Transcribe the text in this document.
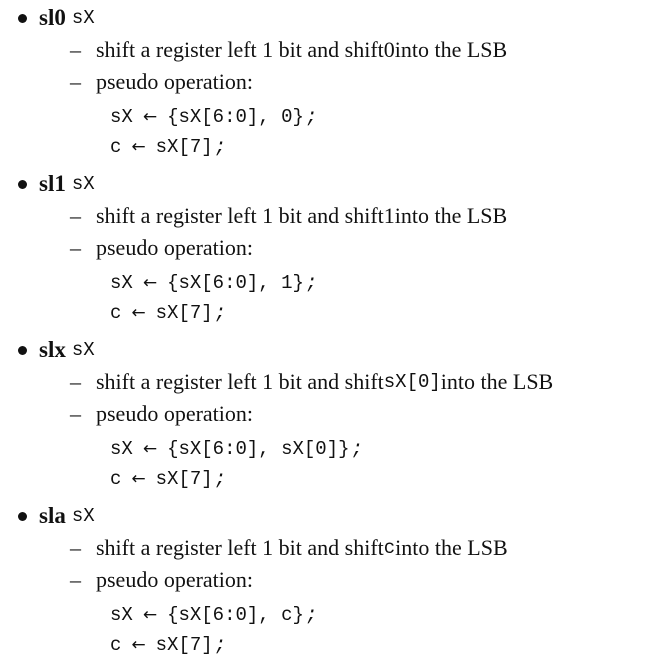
sl0 sX
– shift a register left 1 bit and shift 0 into the LSB
– pseudo operation:
sX ← {sX[6:0], 0} ;
c ← sX[7] ;
sl1 sX
– shift a register left 1 bit and shift 1 into the LSB
– pseudo operation:
sX ← {sX[6:0], 1} ;
c ← sX[7] ;
slx sX
– shift a register left 1 bit and shift sX[0] into the LSB
– pseudo operation:
sX ← {sX[6:0], sX[0]} ;
c ← sX[7] ;
sla sX
– shift a register left 1 bit and shift c into the LSB
– pseudo operation:
sX ← {sX[6:0], c} ;
c ← sX[7] ;
